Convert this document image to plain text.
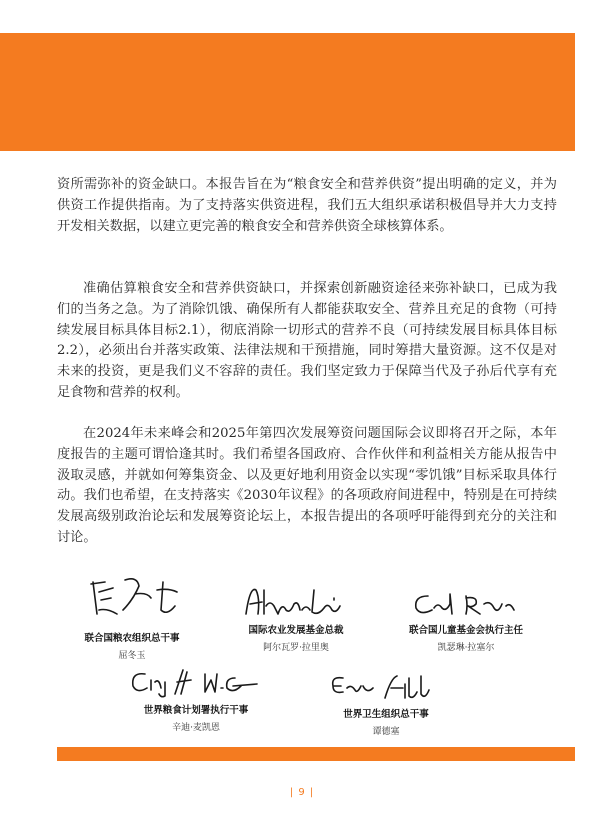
资所需弥补的资金缺口。本报告旨在为“粮食安全和营养供资”提出明确的定义，并为供资工作提供指南。为了支持落实供资进程，我们五大组织承诺积极倡导并大力支持开发相关数据，以建立更完善的粮食安全和营养供资全球核算体系。

准确估算粮食安全和营养供资缺口，并探索创新融资途径来弥补缺口，已成为我们的当务之急。为了消除饥饿、确保所有人都能获取安全、营养且充足的食物（可持续发展目标具体目标2.1），彻底消除一切形式的营养不良（可持续发展目标具体目标2.2），必须出台并落实政策、法律法规和干预措施，同时筹措大量资源。这不仅是对未来的投资，更是我们义不容辞的责任。我们坚定致力于保障当代及子孙后代享有充足食物和营养的权利。

在2024年未来峰会和2025年第四次发展筹资问题国际会议即将召开之际，本年度报告的主题可谓恰逢其时。我们希望各国政府、合作伙伴和利益相关方能从报告中汲取灵感，并就如何筹集资金、以及更好地利用资金以实现“零饥饿”目标采取具体行动。我们也希望，在支持落实《2030年议程》的各项政府间进程中，特别是在可持续发展高级别政治论坛和发展筹资论坛上，本报告提出的各项呼吁能得到充分的关注和讨论。

联合国粮农组织总干事
屈冬玉
国际农业发展基金总裁
阿尔瓦罗·拉里奥
联合国儿童基金会执行主任
凯瑟琳·拉塞尔
世界粮食计划署执行干事
辛迪·麦凯恩
世界卫生组织总干事
谭德塞
| 9 |
